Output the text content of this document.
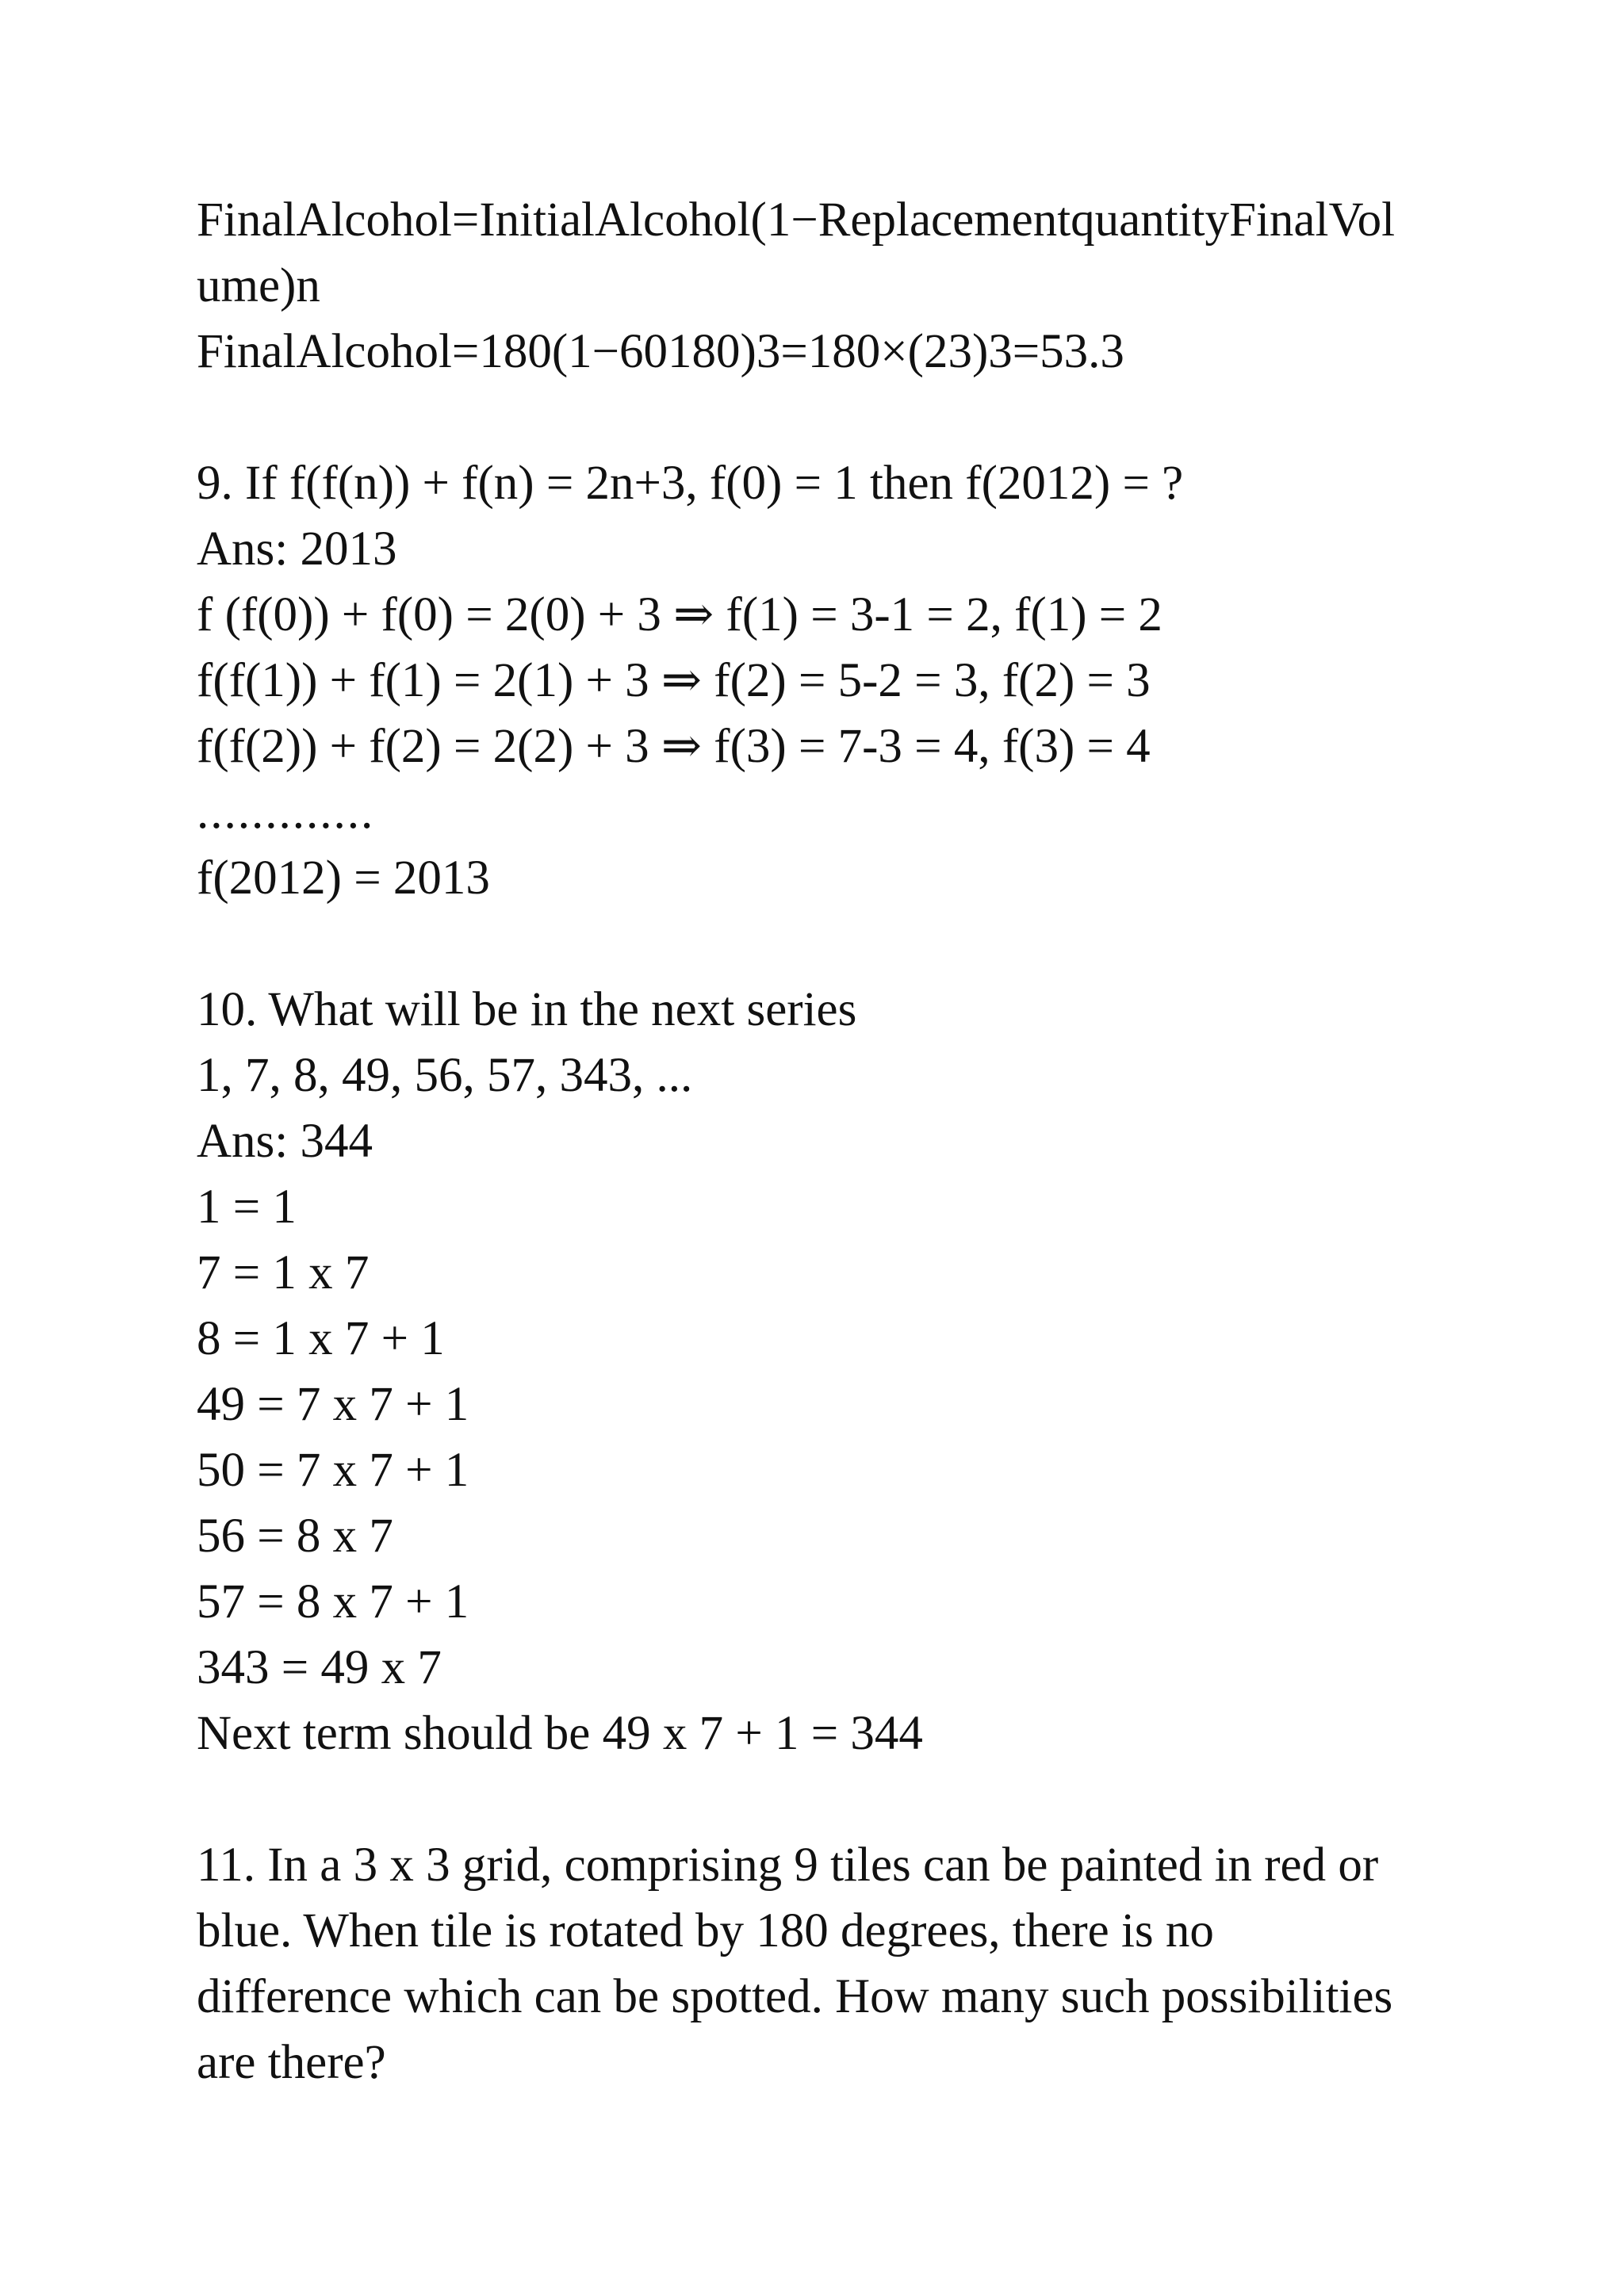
FinalAlcohol=InitialAlcohol(1−ReplacementquantityFinalVol
ume)n
FinalAlcohol=180(1−60180)3=180×(23)3=53.3
9. If f(f(n)) + f(n) = 2n+3, f(0) = 1 then f(2012) = ?
Ans: 2013
f (f(0)) + f(0) = 2(0) + 3 ⇒ f(1) = 3-1 = 2, f(1) = 2
f(f(1)) + f(1) = 2(1) + 3 ⇒ f(2) = 5-2 = 3, f(2) = 3
f(f(2)) + f(2) = 2(2) + 3 ⇒ f(3) = 7-3 = 4, f(3) = 4
.............
f(2012) = 2013
10. What will be in the next series
1, 7, 8, 49, 56, 57, 343, ...
Ans: 344
1 = 1
7 = 1 x 7
8 = 1 x 7 + 1
49 = 7 x 7 + 1
50 = 7 x 7 + 1
56 = 8 x 7
57 = 8 x 7 + 1
343 = 49 x 7
Next term should be 49 x 7 + 1 = 344
11. In a 3 x 3 grid, comprising 9 tiles can be painted in red or
blue. When tile is rotated by 180 degrees, there is no
difference which can be spotted. How many such possibilities
are there?
